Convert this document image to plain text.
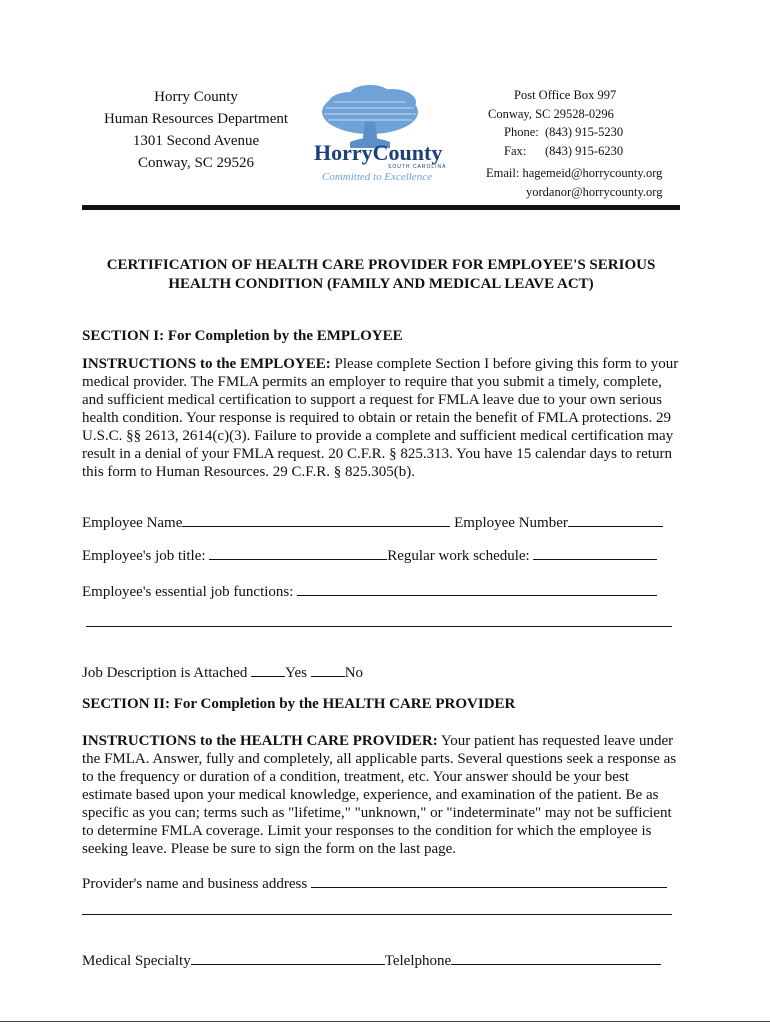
Horry County
Human Resources Department
1301 Second Avenue
Conway, SC 29526	HorryCounty
SOUTH CAROLINA
Committed to Excellence
Post Office Box 997
Conway, SC 29528-0296
Phone: (843) 915-5230
Fax: (843) 915-6230
Email: hagemeid@horrycounty.org
yordanor@horrycounty.org
CERTIFICATION OF HEALTH CARE PROVIDER FOR EMPLOYEE'S SERIOUS
HEALTH CONDITION (FAMILY AND MEDICAL LEAVE ACT)
SECTION I: For Completion by the EMPLOYEE
INSTRUCTIONS to the EMPLOYEE: Please complete Section I before giving this form to your medical provider. The FMLA permits an employer to require that you submit a timely, complete, and sufficient medical certification to support a request for FMLA leave due to your own serious health condition. Your response is required to obtain or retain the benefit of FMLA protections. 29 U.S.C. §§ 2613, 2614(c)(3). Failure to provide a complete and sufficient medical certification may result in a denial of your FMLA request. 20 C.F.R. § 825.313. You have 15 calendar days to return this form to Human Resources. 29 C.F.R. § 825.305(b).
Employee Name	Employee Number
Employee's job title:	Regular work schedule:
Employee's essential job functions:
Job Description is Attached	Yes	No
SECTION II: For Completion by the HEALTH CARE PROVIDER
INSTRUCTIONS to the HEALTH CARE PROVIDER: Your patient has requested leave under the FMLA. Answer, fully and completely, all applicable parts. Several questions seek a response as to the frequency or duration of a condition, treatment, etc. Your answer should be your best estimate based upon your medical knowledge, experience, and examination of the patient. Be as specific as you can; terms such as "lifetime," "unknown," or "indeterminate" may not be sufficient to determine FMLA coverage. Limit your responses to the condition for which the employee is seeking leave. Please be sure to sign the form on the last page.
Provider's name and business address
Medical Specialty	Telelphone
